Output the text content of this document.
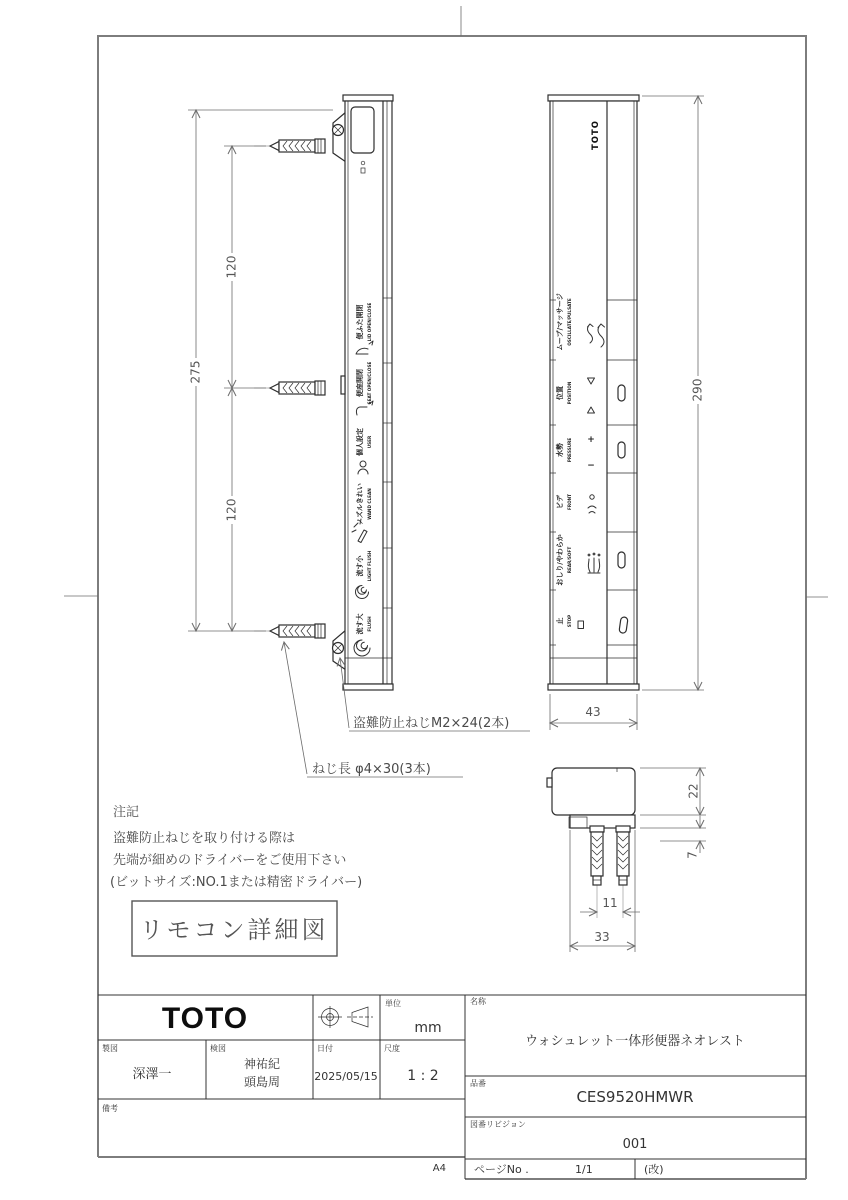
流す大 FLUSH
流す小 LIGHT FLUSH
ノズルきれい WAND CLEAN
個人設定 USER
便座開閉 SEAT OPEN/CLOSE
便ふた開閉 LID OPEN/CLOSE
275
120
120
盗難防止ねじM2×24(2本)
ねじ長 φ4×30(3本)
TOTO
止 STOP
おしり/やわらか REAR/SOFT
ビデ FRONT
水勢 PRESSURE +
−
位置 POSITION
ムーブ/マッサージ OSCILLATE/PULSATE
290
43
22
7
11
33
注記
盗難防止ねじを取り付ける際は
先端が細めのドライバーをご使用下さい
(ビットサイズ:NO.1または精密ドライバー)
リモコン詳細図
TOTO	単位
mm
製図
深澤一
検図
神祐紀
頭島周
日付
2025/05/15
尺度
1 : 2
備考
名称
ウォシュレット一体形便器ネオレスト
品番
CES9520HMWR
図番リビジョン
001
ページNo .	1/1	(改)
A4
